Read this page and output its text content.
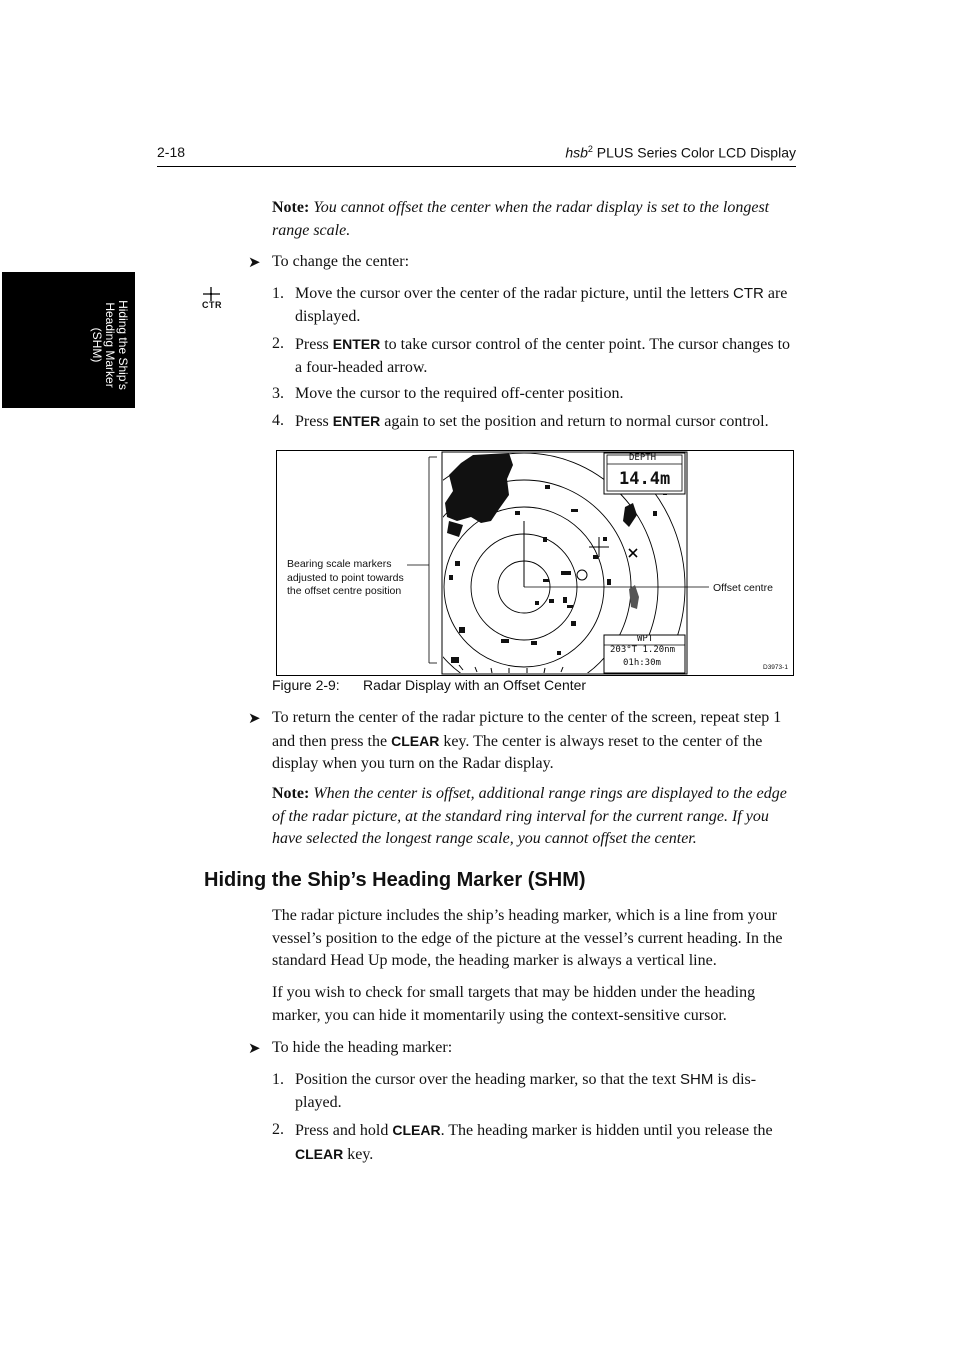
2-18	hsb$^2$ PLUS Series Color LCD Display
Hiding the Ship’s Heading Marker (SHM)
Note: You cannot offset the center when the radar display is set to the longest range scale.
➤ To change the center:
CTR
1. Move the cursor over the center of the radar picture, until the letters CTR are displayed.
2. Press ENTER to take cursor control of the center point. The cursor changes to a four-headed arrow.
3. Move the cursor to the required off-center position.
4. Press ENTER again to set the position and return to normal cursor control.
Bearing scale markers adjusted to point towards the offset centre position
DEPTH
14.4m
WPT
203°T 1.20nm
01h:30m
Offset centre
D3973-1
Figure 2-9: Radar Display with an Offset Center
➤ To return the center of the radar picture to the center of the screen, repeat step 1 and then press the CLEAR key. The center is always reset to the center of the display when you turn on the Radar display.
Note: When the center is offset, additional range rings are displayed to the edge of the radar picture, at the standard ring interval for the current range. If you have selected the longest range scale, you cannot offset the center.
Hiding the Ship’s Heading Marker (SHM)
The radar picture includes the ship’s heading marker, which is a line from your vessel’s position to the edge of the picture at the vessel’s current heading. In the standard Head Up mode, the heading marker is always a vertical line.
If you wish to check for small targets that may be hidden under the heading marker, you can hide it momentarily using the context-sensitive cursor.
➤ To hide the heading marker:
1. Position the cursor over the heading marker, so that the text SHM is dis-played.
2. Press and hold CLEAR. The heading marker is hidden until you release the CLEAR key.
